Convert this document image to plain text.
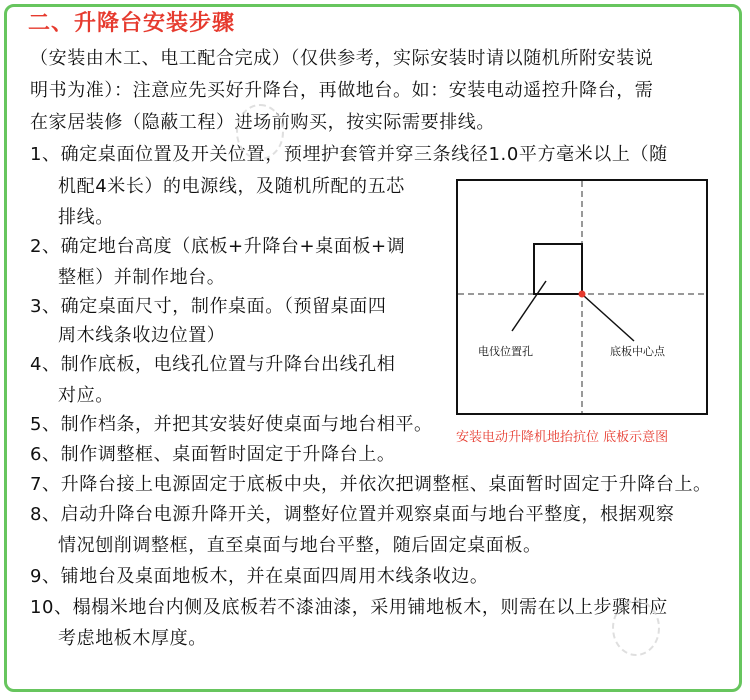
二、升降台安装步骤
（安装由木工、电工配合完成）（仅供参考，实际安装时请以随机所附安装说
明书为准）：注意应先买好升降台，再做地台。如：安装电动遥控升降台，需
在家居装修（隐蔽工程）进场前购买，按实际需要排线。
1、确定桌面位置及开关位置，预埋护套管并穿三条线径1.0平方毫米以上（随
机配4米长）的电源线，及随机所配的五芯
排线。
2、确定地台高度（底板+升降台+桌面板+调
整框）并制作地台。
3、确定桌面尺寸，制作桌面。（预留桌面四
周木线条收边位置）
4、制作底板，电线孔位置与升降台出线孔相
对应。
5、制作档条，并把其安装好使桌面与地台相平。
6、制作调整框、桌面暂时固定于升降台上。
7、升降台接上电源固定于底板中央，并依次把调整框、桌面暂时固定于升降台上。
8、启动升降台电源升降开关，调整好位置并观察桌面与地台平整度，根据观察
情况刨削调整框，直至桌面与地台平整，随后固定桌面板。
9、铺地台及桌面地板木，并在桌面四周用木线条收边。
10、榻榻米地台内侧及底板若不漆油漆，采用铺地板木，则需在以上步骤相应
考虑地板木厚度。
电伐位置孔	底板中心点
安装电动升降机地抬抗位 底板示意图
